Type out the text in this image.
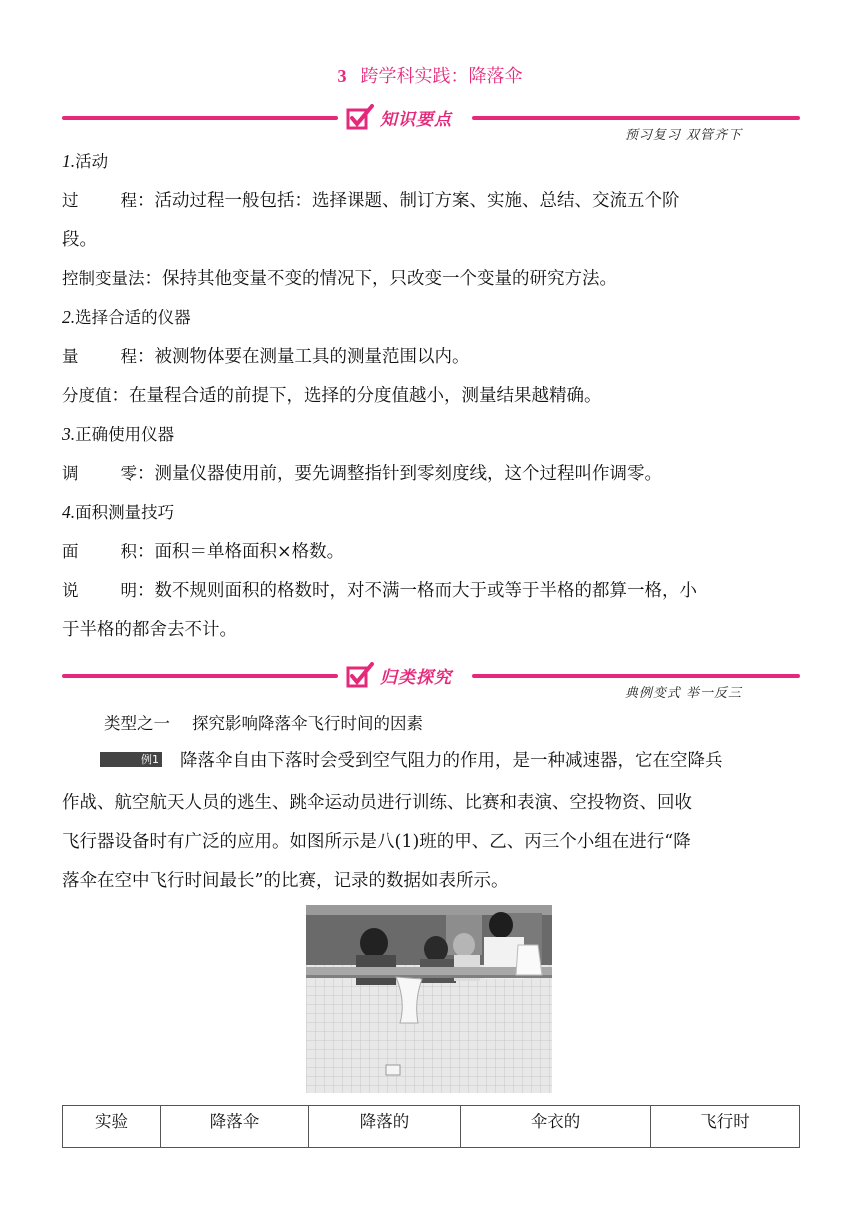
3 跨学科实践：降落伞
知识要点
预习复习 双管齐下
1.活动
过	程：活动过程一般包括：选择课题、制订方案、实施、总结、交流五个阶
段。
控制变量法：保持其他变量不变的情况下，只改变一个变量的研究方法。
2.选择合适的仪器
量	程：被测物体要在测量工具的测量范围以内。
分度值：在量程合适的前提下，选择的分度值越小，测量结果越精确。
3.正确使用仪器
调	零：测量仪器使用前，要先调整指针到零刻度线，这个过程叫作调零。
4.面积测量技巧
面	积：面积＝单格面积×格数。
说	明：数不规则面积的格数时，对不满一格而大于或等于半格的都算一格，小
于半格的都舍去不计。
归类探究
典例变式 举一反三
类型之一 探究影响降落伞飞行时间的因素
例1 降落伞自由下落时会受到空气阻力的作用，是一种减速器，它在空降兵
作战、航空航天人员的逃生、跳伞运动员进行训练、比赛和表演、空投物资、回收
飞行器设备时有广泛的应用。如图所示是八(1)班的甲、乙、丙三个小组在进行“降
落伞在空中飞行时间最长”的比赛，记录的数据如表所示。
实验	降落伞	降落的	伞衣的	飞行时
